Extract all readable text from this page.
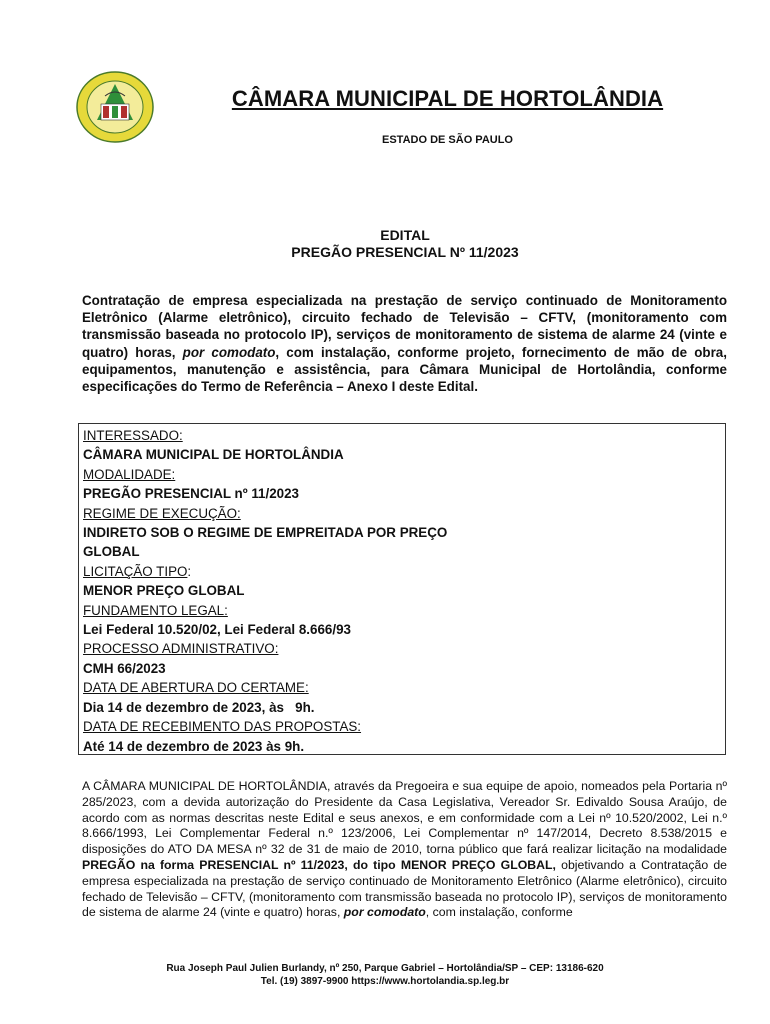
CÂMARA MUNICIPAL DE HORTOLÂNDIA
ESTADO DE SÃO PAULO
EDITAL
PREGÃO PRESENCIAL Nº 11/2023
Contratação de empresa especializada na prestação de serviço continuado de Monitoramento Eletrônico (Alarme eletrônico), circuito fechado de Televisão – CFTV, (monitoramento com transmissão baseada no protocolo IP), serviços de monitoramento de sistema de alarme 24 (vinte e quatro) horas, por comodato, com instalação, conforme projeto, fornecimento de mão de obra, equipamentos, manutenção e assistência, para Câmara Municipal de Hortolândia, conforme especificações do Termo de Referência – Anexo I deste Edital.
INTERESSADO:
CÂMARA MUNICIPAL DE HORTOLÂNDIA
MODALIDADE:
PREGÃO PRESENCIAL nº 11/2023
REGIME DE EXECUÇÃO:
INDIRETO SOB O REGIME DE EMPREITADA POR PREÇO
GLOBAL
LICITAÇÃO TIPO:
MENOR PREÇO GLOBAL
FUNDAMENTO LEGAL:
Lei Federal 10.520/02, Lei Federal 8.666/93
PROCESSO ADMINISTRATIVO:
CMH 66/2023
DATA DE ABERTURA DO CERTAME:
Dia 14 de dezembro de 2023, às   9h.
DATA DE RECEBIMENTO DAS PROPOSTAS:
Até 14 de dezembro de 2023 às 9h.
A CÂMARA MUNICIPAL DE HORTOLÂNDIA, através da Pregoeira e sua equipe de apoio, nomeados pela Portaria nº 285/2023, com a devida autorização do Presidente da Casa Legislativa, Vereador Sr. Edivaldo Sousa Araújo, de acordo com as normas descritas neste Edital e seus anexos, e em conformidade com a Lei nº 10.520/2002, Lei n.º 8.666/1993, Lei Complementar Federal n.º 123/2006, Lei Complementar nº 147/2014, Decreto 8.538/2015 e disposições do ATO DA MESA nº 32 de 31 de maio de 2010, torna público que fará realizar licitação na modalidade PREGÃO na forma PRESENCIAL nº 11/2023, do tipo MENOR PREÇO GLOBAL, objetivando a Contratação de empresa especializada na prestação de serviço continuado de Monitoramento Eletrônico (Alarme eletrônico), circuito fechado de Televisão – CFTV, (monitoramento com transmissão baseada no protocolo IP), serviços de monitoramento de sistema de alarme 24 (vinte e quatro) horas, por comodato, com instalação, conforme
Rua Joseph Paul Julien Burlandy, nº 250, Parque Gabriel – Hortolândia/SP – CEP: 13186-620
Tel. (19) 3897-9900 https://www.hortolandia.sp.leg.br
